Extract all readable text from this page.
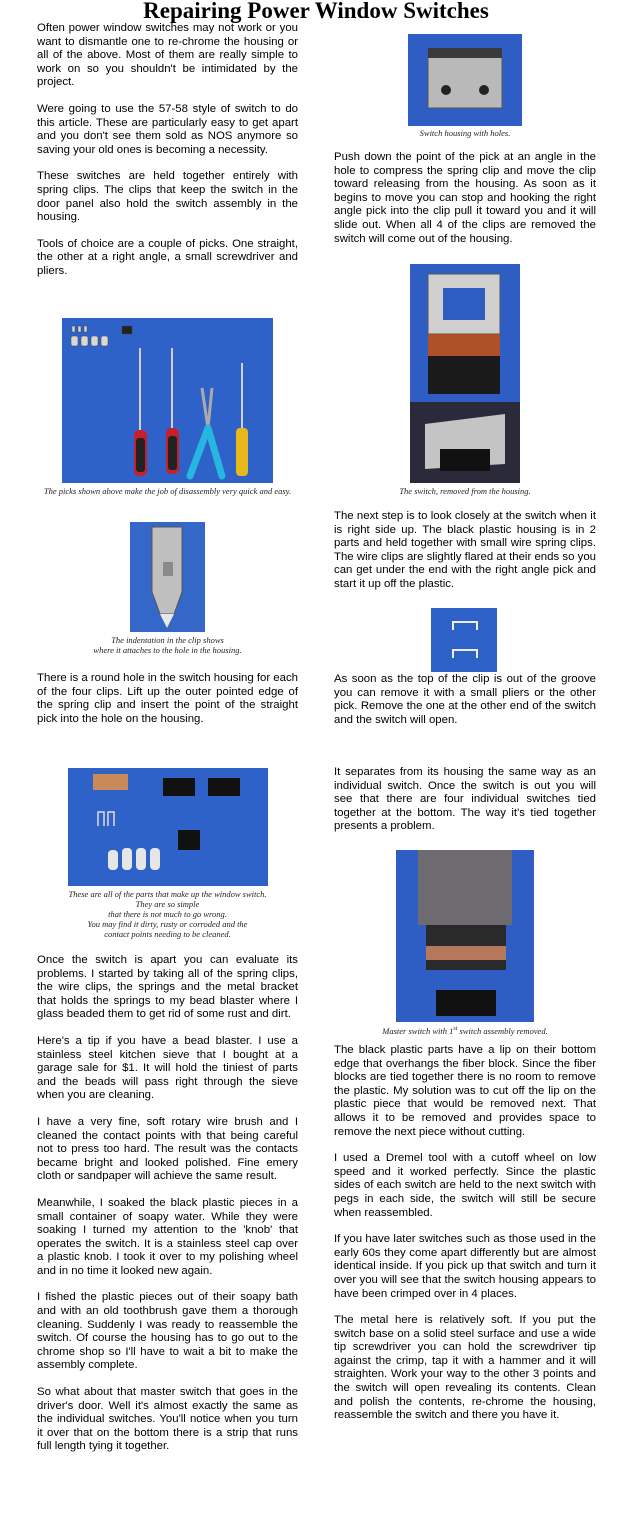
Repairing Power Window Switches

Often power window switches may not work or you want to dismantle one to re-chrome the housing or all of the above. Most of them are really simple to work on so you shouldn't be intimidated by the project.

Were going to use the 57-58 style of switch to do this article. These are particularly easy to get apart and you don't see them sold as NOS anymore so saving your old ones is becoming a necessity.

These switches are held together entirely with spring clips. The clips that keep the switch in the door panel also hold the switch assembly in the housing.

Tools of choice are a couple of picks. One straight, the other at a right angle, a small screwdriver and pliers.

The picks shown above make the job of disassembly very quick and easy.

The indentation in the clip shows

where it attaches to the hole in the housing.

There is a round hole in the switch housing for each of the four clips. Lift up the outer pointed edge of the spring clip and insert the point of the straight pick into the hole on the housing.

These are all of the parts that make up the window switch.

They are so simple

that there is not much to go wrong.

You may find it dirty, rusty or corroded and the

contact points needing to be cleaned.

Once the switch is apart you can evaluate its problems. I started by taking all of the spring clips, the wire clips, the springs and the metal bracket that holds the springs to my bead blaster where I glass beaded them to get rid of some rust and dirt.

Here's a tip if you have a bead blaster. I use a stainless steel kitchen sieve that I bought at a garage sale for $1. It will hold the tiniest of parts and the beads will pass right through the sieve when you are cleaning.

I have a very fine, soft rotary wire brush and I cleaned the contact points with that being careful not to press too hard. The result was the contacts became bright and looked polished. Fine emery cloth or sandpaper will achieve the same result.

Meanwhile, I soaked the black plastic pieces in a small container of soapy water. While they were soaking I turned my attention to the 'knob' that operates the switch. It is a stainless steel cap over a plastic knob. I took it over to my polishing wheel and in no time it looked new again.

I fished the plastic pieces out of their soapy bath and with an old toothbrush gave them a thorough cleaning. Suddenly I was ready to reassemble the switch. Of course the housing has to go out to the chrome shop so I'll have to wait a bit to make the assembly complete.

So what about that master switch that goes in the driver's door. Well it's almost exactly the same as the individual switches. You'll notice when you turn it over that on the bottom there is a strip that runs full length tying it together.

Switch housing with holes.

Push down the point of the pick at an angle in the hole to compress the spring clip and move the clip toward releasing from the housing. As soon as it begins to move you can stop and hooking the right angle pick into the clip pull it toward you and it will slide out. When all 4 of the clips are removed the switch will come out of the housing.

The switch, removed from the housing.

The next step is to look closely at the switch when it is right side up. The black plastic housing is in 2 parts and held together with small wire spring clips. The wire clips are slightly flared at their ends so you can get under the end with the right angle pick and start it up off the plastic.

As soon as the top of the clip is out of the groove you can remove it with a small pliers or the other pick. Remove the one at the other end of the switch and the switch will open.

It separates from its housing the same way as an individual switch. Once the switch is out you will see that there are four individual switches tied together at the bottom. The way it's tied together presents a problem.

Master switch with 1st switch assembly removed.

The black plastic parts have a lip on their bottom edge that overhangs the fiber block. Since the fiber blocks are tied together there is no room to remove the plastic. My solution was to cut off the lip on the plastic piece that would be removed next. That allows it to be removed and provides space to remove the next piece without cutting.

I used a Dremel tool with a cutoff wheel on low speed and it worked perfectly. Since the plastic sides of each switch are held to the next switch with pegs in each side, the switch will still be secure when reassembled.

If you have later switches such as those used in the early 60s they come apart differently but are almost identical inside. If you pick up that switch and turn it over you will see that the switch housing appears to have been crimped over in 4 places.

The metal here is relatively soft. If you put the switch base on a solid steel surface and use a wide tip screwdriver you can hold the screwdriver tip against the crimp, tap it with a hammer and it will straighten. Work your way to the other 3 points and the switch will open revealing its contents. Clean and polish the contents, re-chrome the housing, reassemble the switch and there you have it.
